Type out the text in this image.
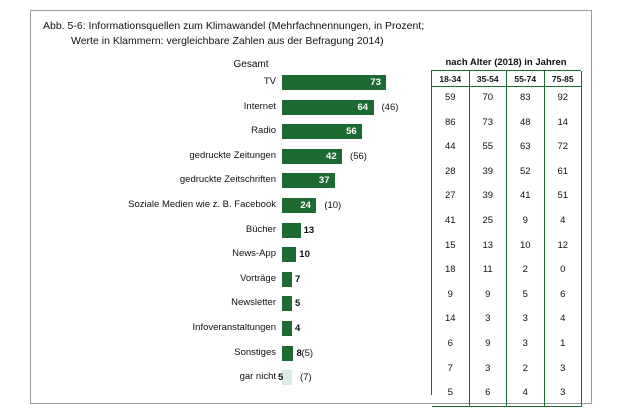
Abb. 5-6: Informationsquellen zum Klimawandel (Mehrfachnennungen, in Prozent;
Werte in Klammern: vergleichbare Zahlen aus der Befragung 2014)
Gesamt	nach Alter (2018) in Jahren
TV	73
Internet	64 (46)
Radio	56
gedruckte Zeitungen	42 (56)
gedruckte Zeitschriften	37
Soziale Medien wie z. B. Facebook	24 (10)
Bücher	13
News-App 10
Vorträge 7
Newsletter 5
Infoveranstaltungen 4
Sonstiges 8 (5)
gar nicht 5 (7)
18-34	35-54	55-74	75-85
59	70	83	92
86	73	48	14
44	55	63	72
28	39	52	61
27	39	41	51
41	25	9	4
15	13	10	12
18	11	2	0
9	9	5	6
14	3	3	4
6	9	3	1
7	3	2	3
5	6	4	3
